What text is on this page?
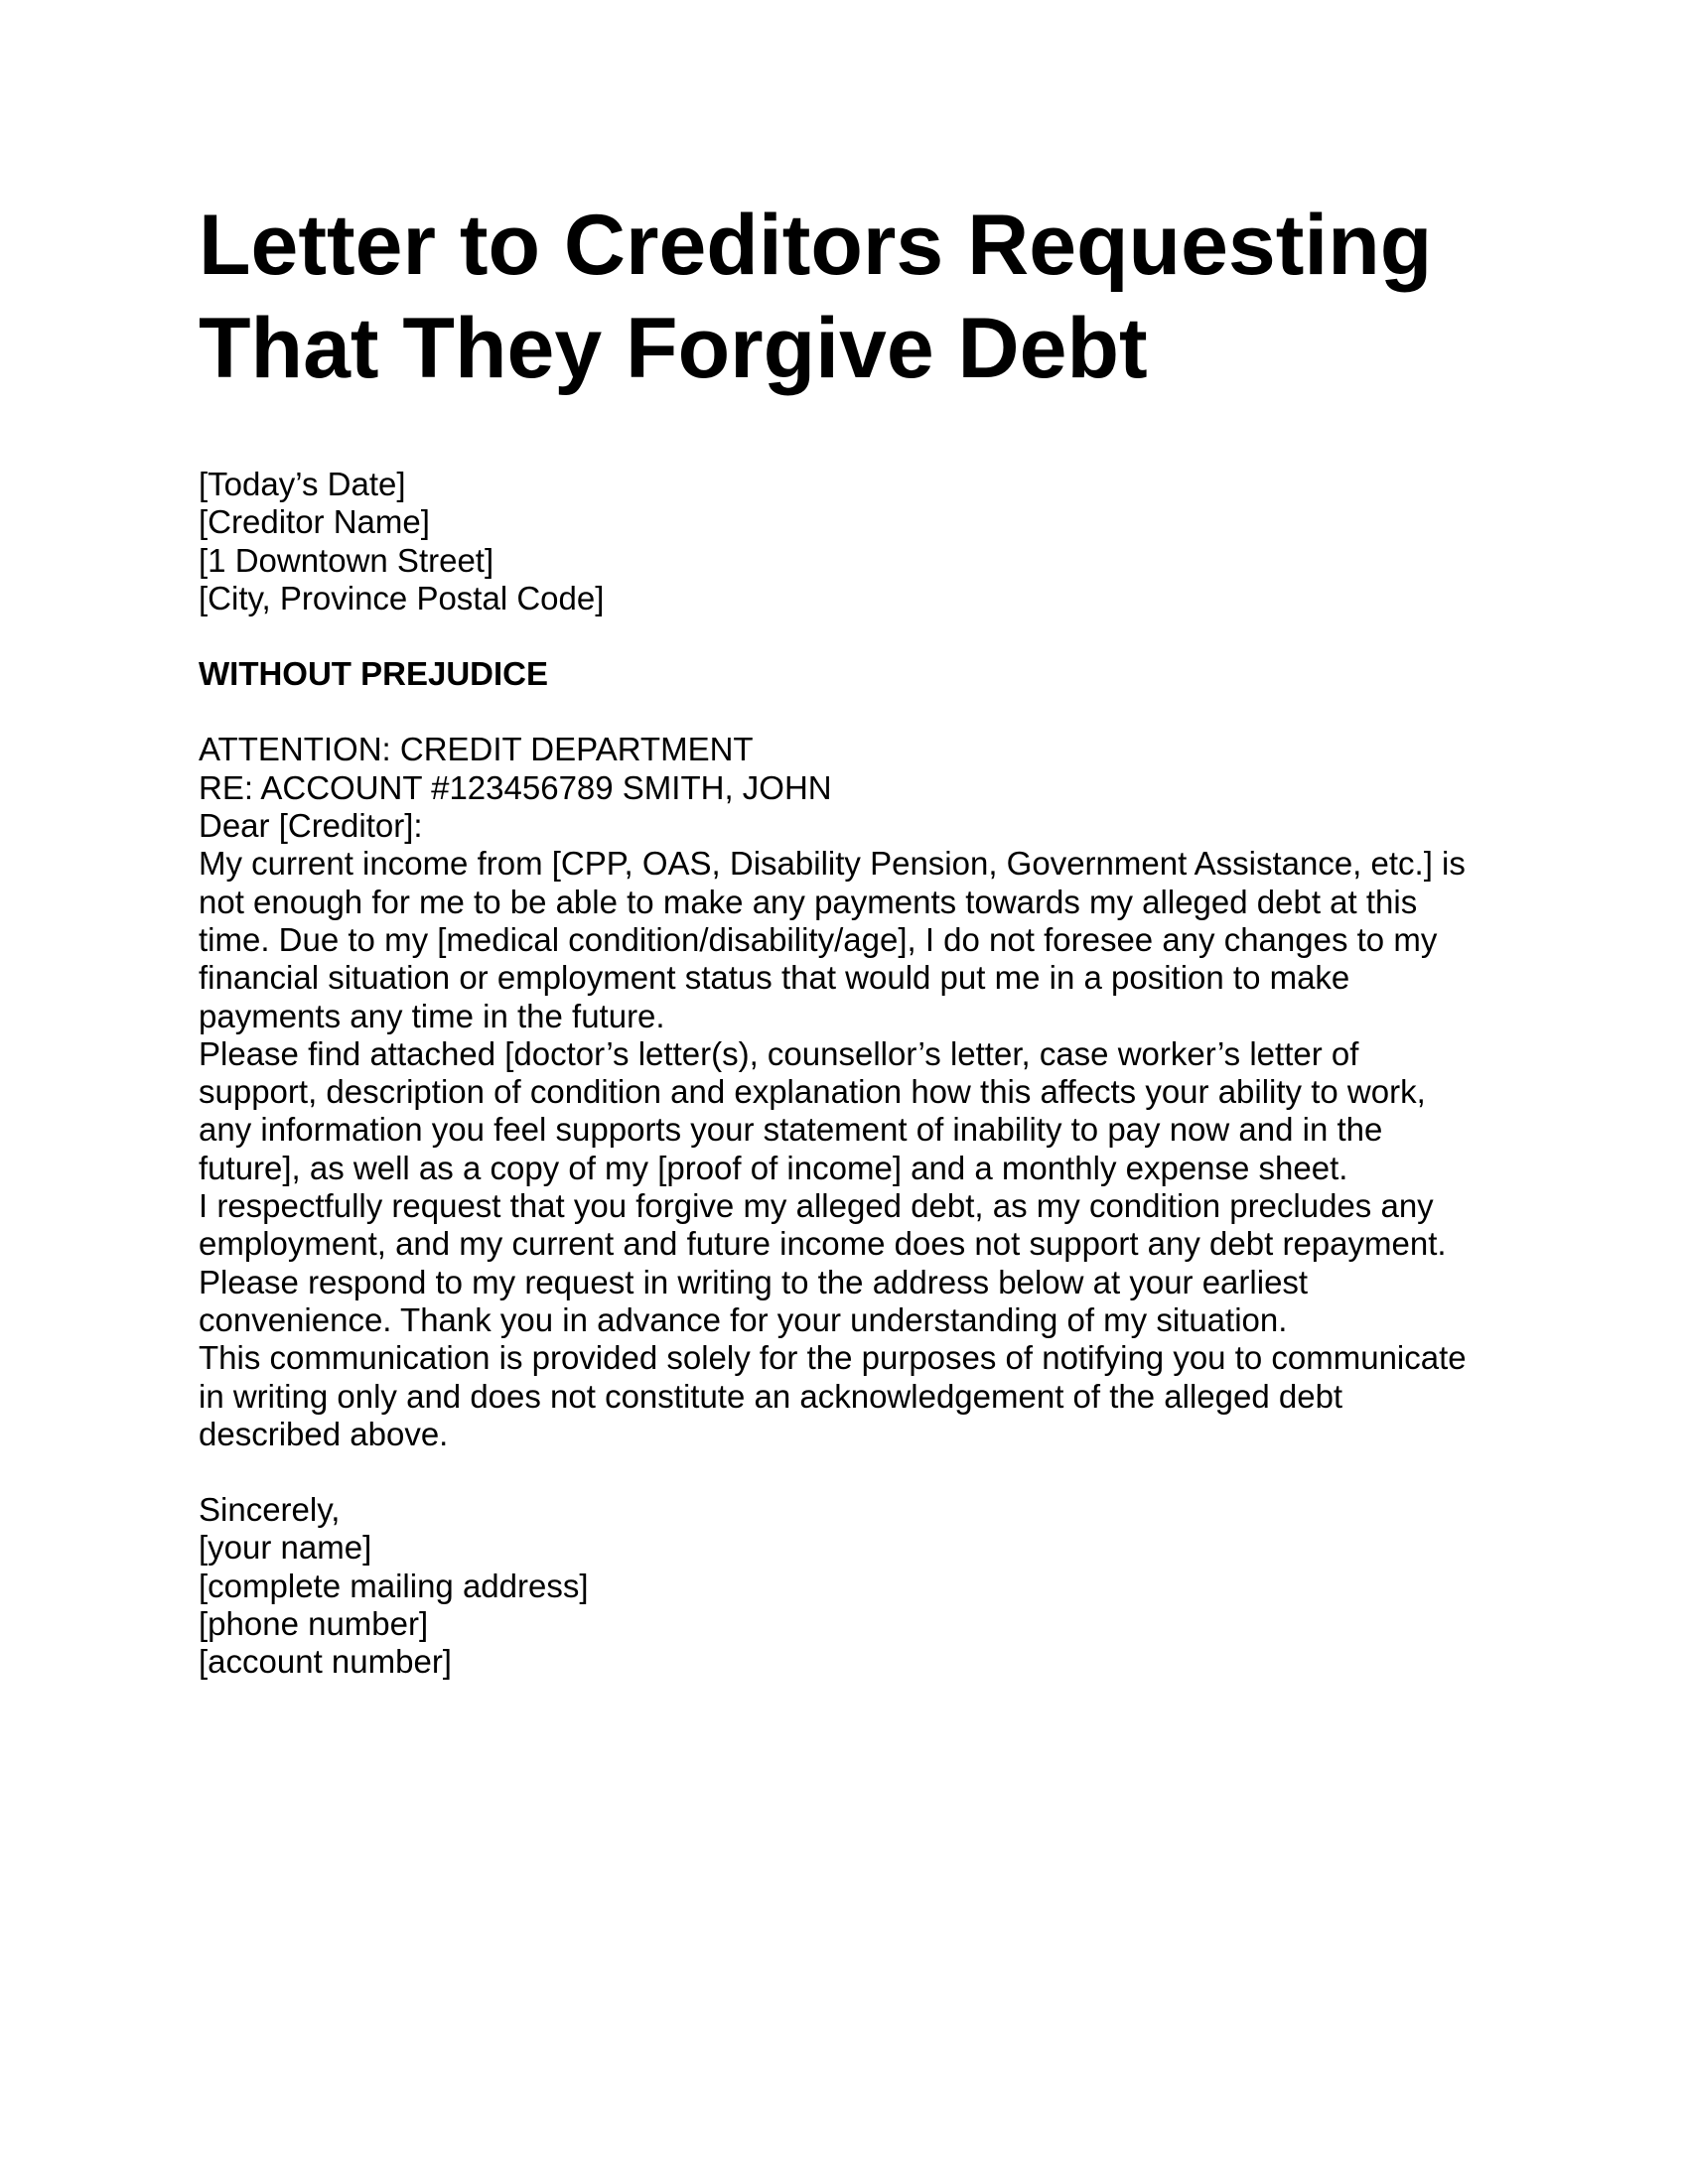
Letter to Creditors Requesting
That They Forgive Debt
[Today’s Date]
[Creditor Name]
[1 Downtown Street]
[City, Province Postal Code]
WITHOUT PREJUDICE
ATTENTION: CREDIT DEPARTMENT
RE: ACCOUNT #123456789 SMITH, JOHN
Dear [Creditor]:
My current income from [CPP, OAS, Disability Pension, Government Assistance, etc.] is
not enough for me to be able to make any payments towards my alleged debt at this
time. Due to my [medical condition/disability/age], I do not foresee any changes to my
financial situation or employment status that would put me in a position to make
payments any time in the future.
Please find attached [doctor’s letter(s), counsellor’s letter, case worker’s letter of
support, description of condition and explanation how this affects your ability to work,
any information you feel supports your statement of inability to pay now and in the
future], as well as a copy of my [proof of income] and a monthly expense sheet.
I respectfully request that you forgive my alleged debt, as my condition precludes any
employment, and my current and future income does not support any debt repayment.
Please respond to my request in writing to the address below at your earliest
convenience. Thank you in advance for your understanding of my situation.
This communication is provided solely for the purposes of notifying you to communicate
in writing only and does not constitute an acknowledgement of the alleged debt
described above.
Sincerely,
[your name]
[complete mailing address]
[phone number]
[account number]
